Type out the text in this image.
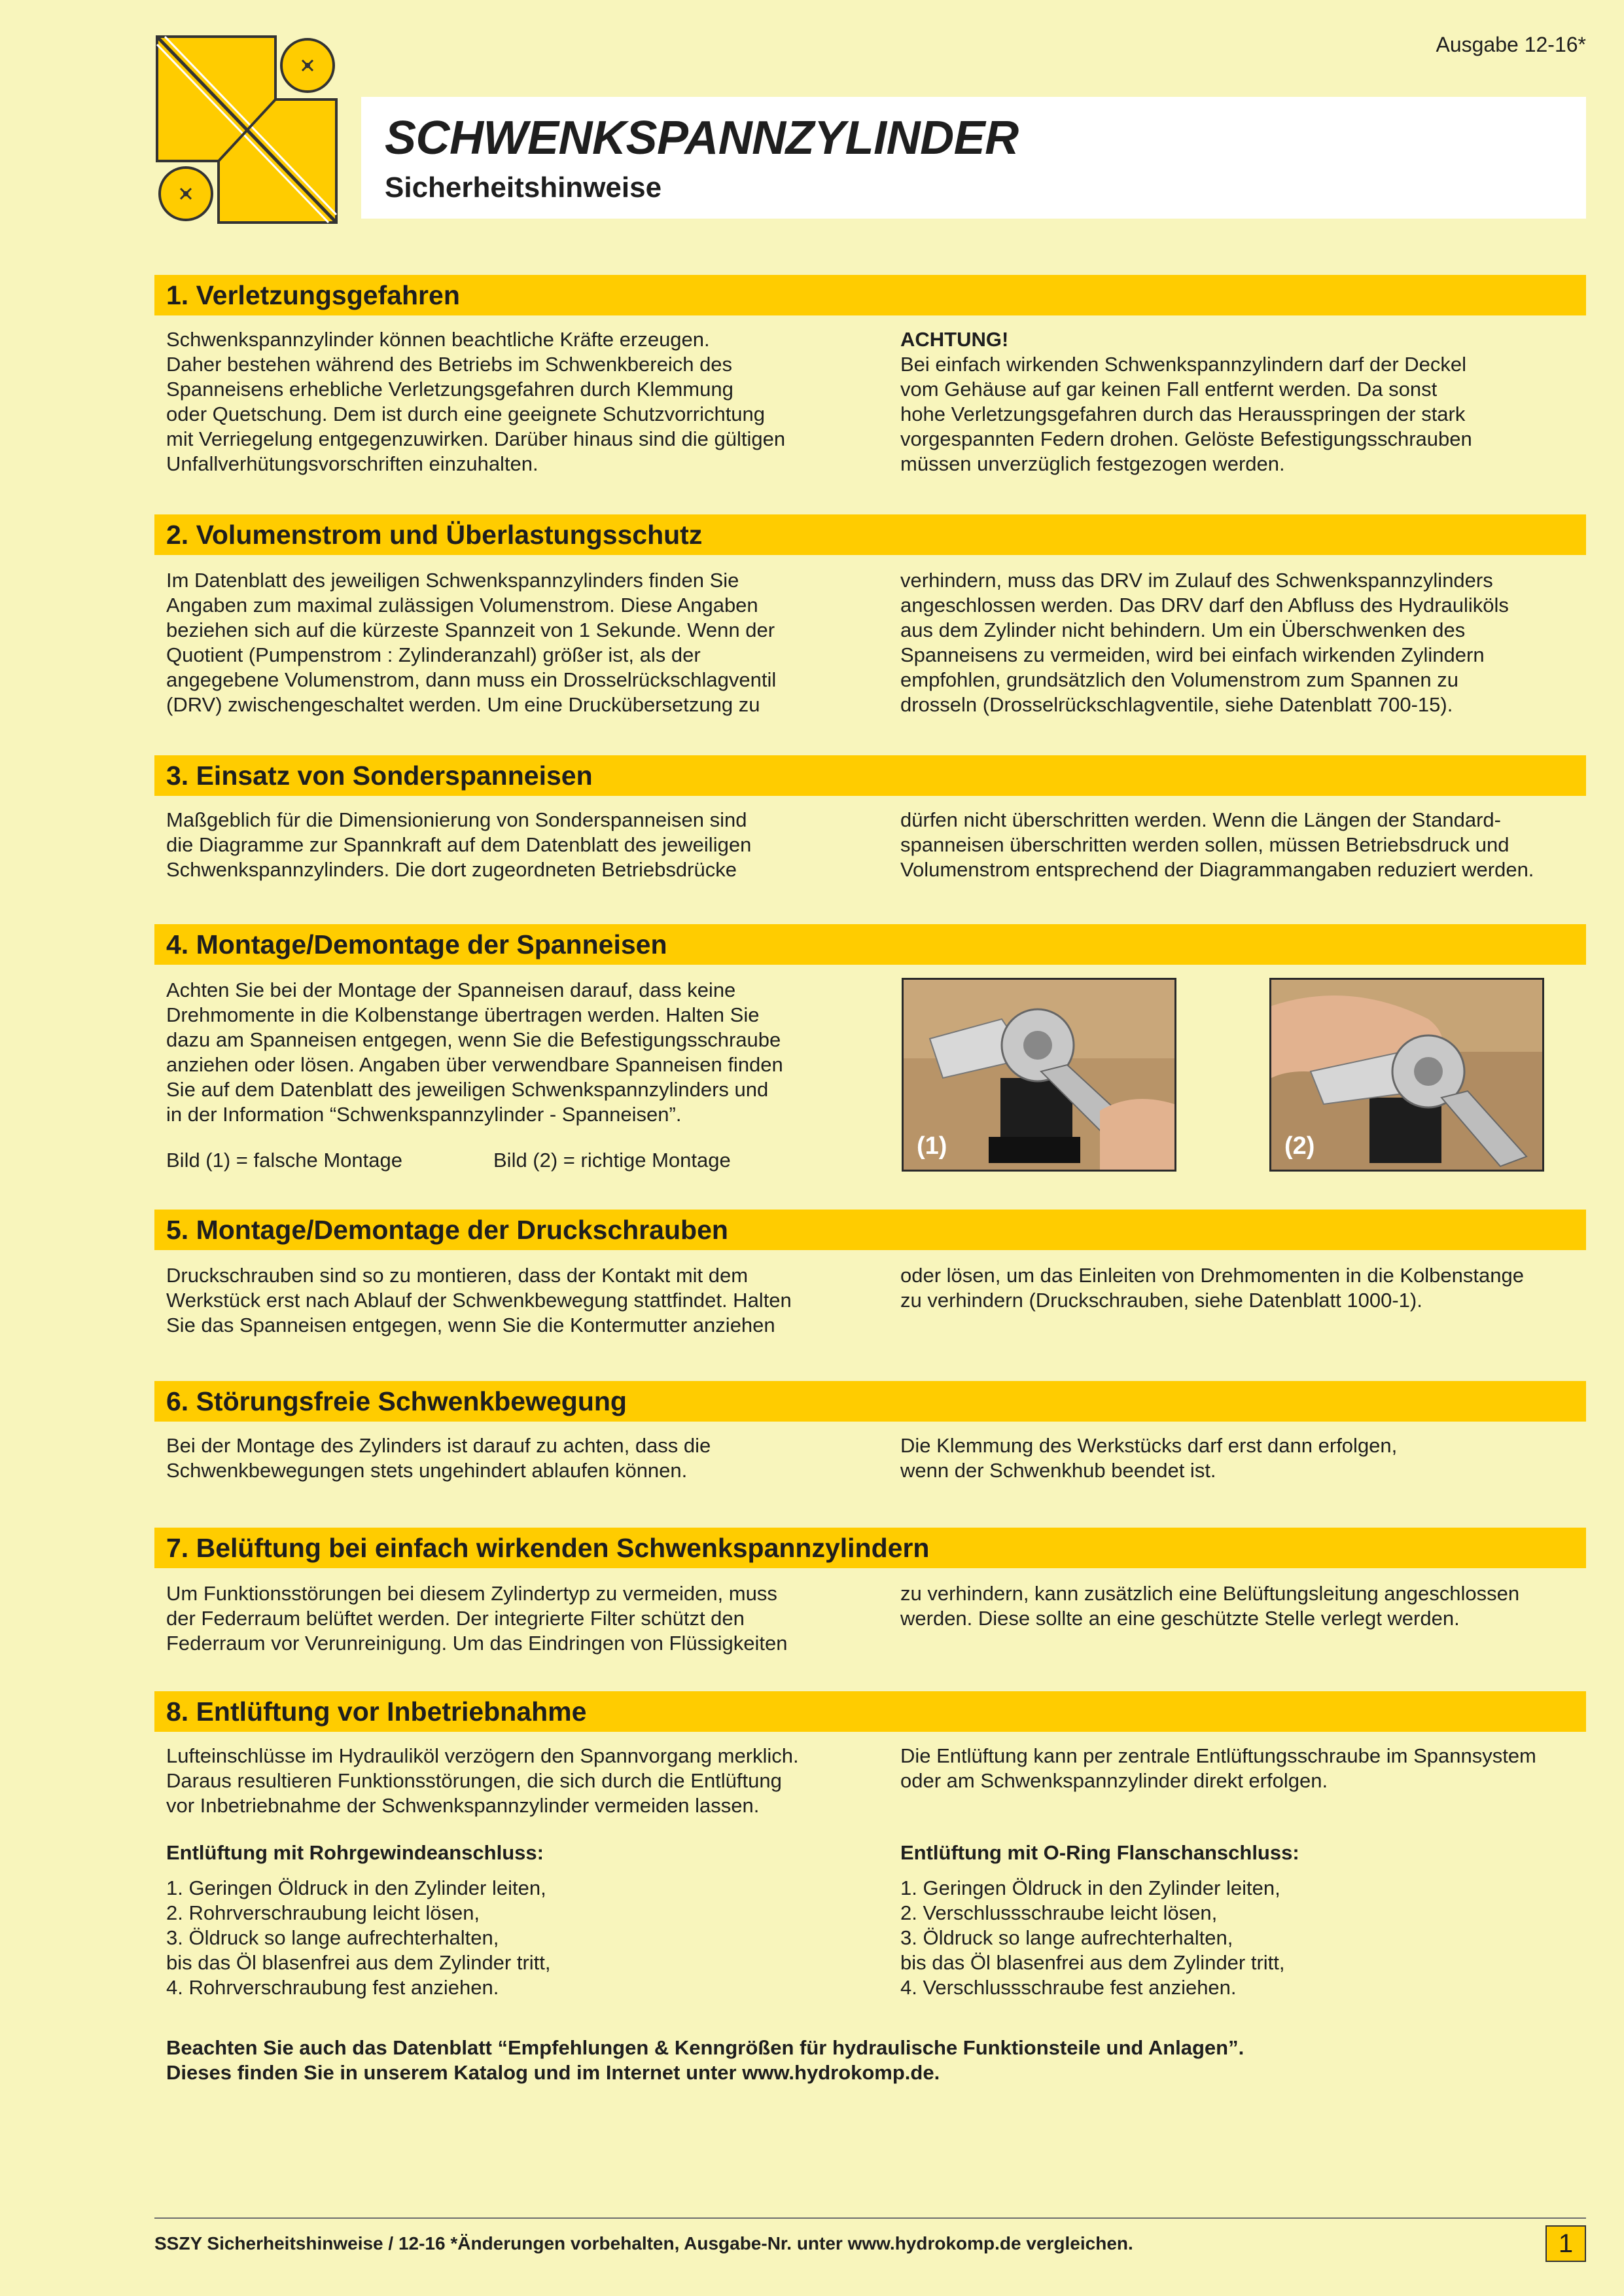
Ausgabe 12-16*
SCHWENKSPANNZYLINDER
Sicherheitshinweise
1. Verletzungsgefahren
Schwenkspannzylinder können beachtliche Kräfte erzeugen.
Daher bestehen während des Betriebs im Schwenkbereich des
Spanneisens erhebliche Verletzungsgefahren durch Klemmung
oder Quetschung. Dem ist durch eine geeignete Schutzvorrichtung
mit Verriegelung entgegenzuwirken. Darüber hinaus sind die gültigen
Unfallverhütungsvorschriften einzuhalten.
ACHTUNG!
Bei einfach wirkenden Schwenkspannzylindern darf der Deckel
vom Gehäuse auf gar keinen Fall entfernt werden. Da sonst
hohe Verletzungsgefahren durch das Herausspringen der stark
vorgespannten Federn drohen. Gelöste Befestigungsschrauben
müssen unverzüglich festgezogen werden.
2. Volumenstrom und Überlastungsschutz
Im Datenblatt des jeweiligen Schwenkspannzylinders finden Sie
Angaben zum maximal zulässigen Volumenstrom. Diese Angaben
beziehen sich auf die kürzeste Spannzeit von 1 Sekunde. Wenn der
Quotient (Pumpenstrom : Zylinderanzahl) größer ist, als der
angegebene Volumenstrom, dann muss ein Drosselrückschlagventil
(DRV) zwischengeschaltet werden. Um eine Druckübersetzung zu
verhindern, muss das DRV im Zulauf des Schwenkspannzylinders
angeschlossen werden. Das DRV darf den Abfluss des Hydrauliköls
aus dem Zylinder nicht behindern. Um ein Überschwenken des
Spanneisens zu vermeiden, wird bei einfach wirkenden Zylindern
empfohlen, grundsätzlich den Volumenstrom zum Spannen zu
drosseln (Drosselrückschlagventile, siehe Datenblatt 700-15).
3. Einsatz von Sonderspanneisen
Maßgeblich für die Dimensionierung von Sonderspanneisen sind
die Diagramme zur Spannkraft auf dem Datenblatt des jeweiligen
Schwenkspannzylinders. Die dort zugeordneten Betriebsdrücke
dürfen nicht überschritten werden. Wenn die Längen der Standard-
spanneisen überschritten werden sollen, müssen Betriebsdruck und
Volumenstrom entsprechend der Diagrammangaben reduziert werden.
4. Montage/Demontage der Spanneisen
Achten Sie bei der Montage der Spanneisen darauf, dass keine
Drehmomente in die Kolbenstange übertragen werden. Halten Sie
dazu am Spanneisen entgegen, wenn Sie die Befestigungsschraube
anziehen oder lösen. Angaben über verwendbare Spanneisen finden
Sie auf dem Datenblatt des jeweiligen Schwenkspannzylinders und
in der Information “Schwenkspannzylinder - Spanneisen”.
Bild (1) = falsche Montage	Bild (2) = richtige Montage
(1)	(2)
5. Montage/Demontage der Druckschrauben
Druckschrauben sind so zu montieren, dass der Kontakt mit dem
Werkstück erst nach Ablauf der Schwenkbewegung stattfindet. Halten
Sie das Spanneisen entgegen, wenn Sie die Kontermutter anziehen
oder lösen, um das Einleiten von Drehmomenten in die Kolbenstange
zu verhindern (Druckschrauben, siehe Datenblatt 1000-1).
6. Störungsfreie Schwenkbewegung
Bei der Montage des Zylinders ist darauf zu achten, dass die
Schwenkbewegungen stets ungehindert ablaufen können.
Die Klemmung des Werkstücks darf erst dann erfolgen,
wenn der Schwenkhub beendet ist.
7. Belüftung bei einfach wirkenden Schwenkspannzylindern
Um Funktionsstörungen bei diesem Zylindertyp zu vermeiden, muss
der Federraum belüftet werden. Der integrierte Filter schützt den
Federraum vor Verunreinigung. Um das Eindringen von Flüssigkeiten
zu verhindern, kann zusätzlich eine Belüftungsleitung angeschlossen
werden. Diese sollte an eine geschützte Stelle verlegt werden.
8. Entlüftung vor Inbetriebnahme
Lufteinschlüsse im Hydrauliköl verzögern den Spannvorgang merklich.
Daraus resultieren Funktionsstörungen, die sich durch die Entlüftung
vor Inbetriebnahme der Schwenkspannzylinder vermeiden lassen.
Die Entlüftung kann per zentrale Entlüftungsschraube im Spannsystem
oder am Schwenkspannzylinder direkt erfolgen.
Entlüftung mit Rohrgewindeanschluss:	Entlüftung mit O-Ring Flanschanschluss:
1. Geringen Öldruck in den Zylinder leiten,
2. Rohrverschraubung leicht lösen,
3. Öldruck so lange aufrechterhalten,
bis das Öl blasenfrei aus dem Zylinder tritt,
4. Rohrverschraubung fest anziehen.
1. Geringen Öldruck in den Zylinder leiten,
2. Verschlussschraube leicht lösen,
3. Öldruck so lange aufrechterhalten,
bis das Öl blasenfrei aus dem Zylinder tritt,
4. Verschlussschraube fest anziehen.
Beachten Sie auch das Datenblatt “Empfehlungen & Kenngrößen für hydraulische Funktionsteile und Anlagen”.
Dieses finden Sie in unserem Katalog und im Internet unter www.hydrokomp.de.
SSZY Sicherheitshinweise / 12-16 *Änderungen vorbehalten, Ausgabe-Nr. unter www.hydrokomp.de vergleichen.	1
